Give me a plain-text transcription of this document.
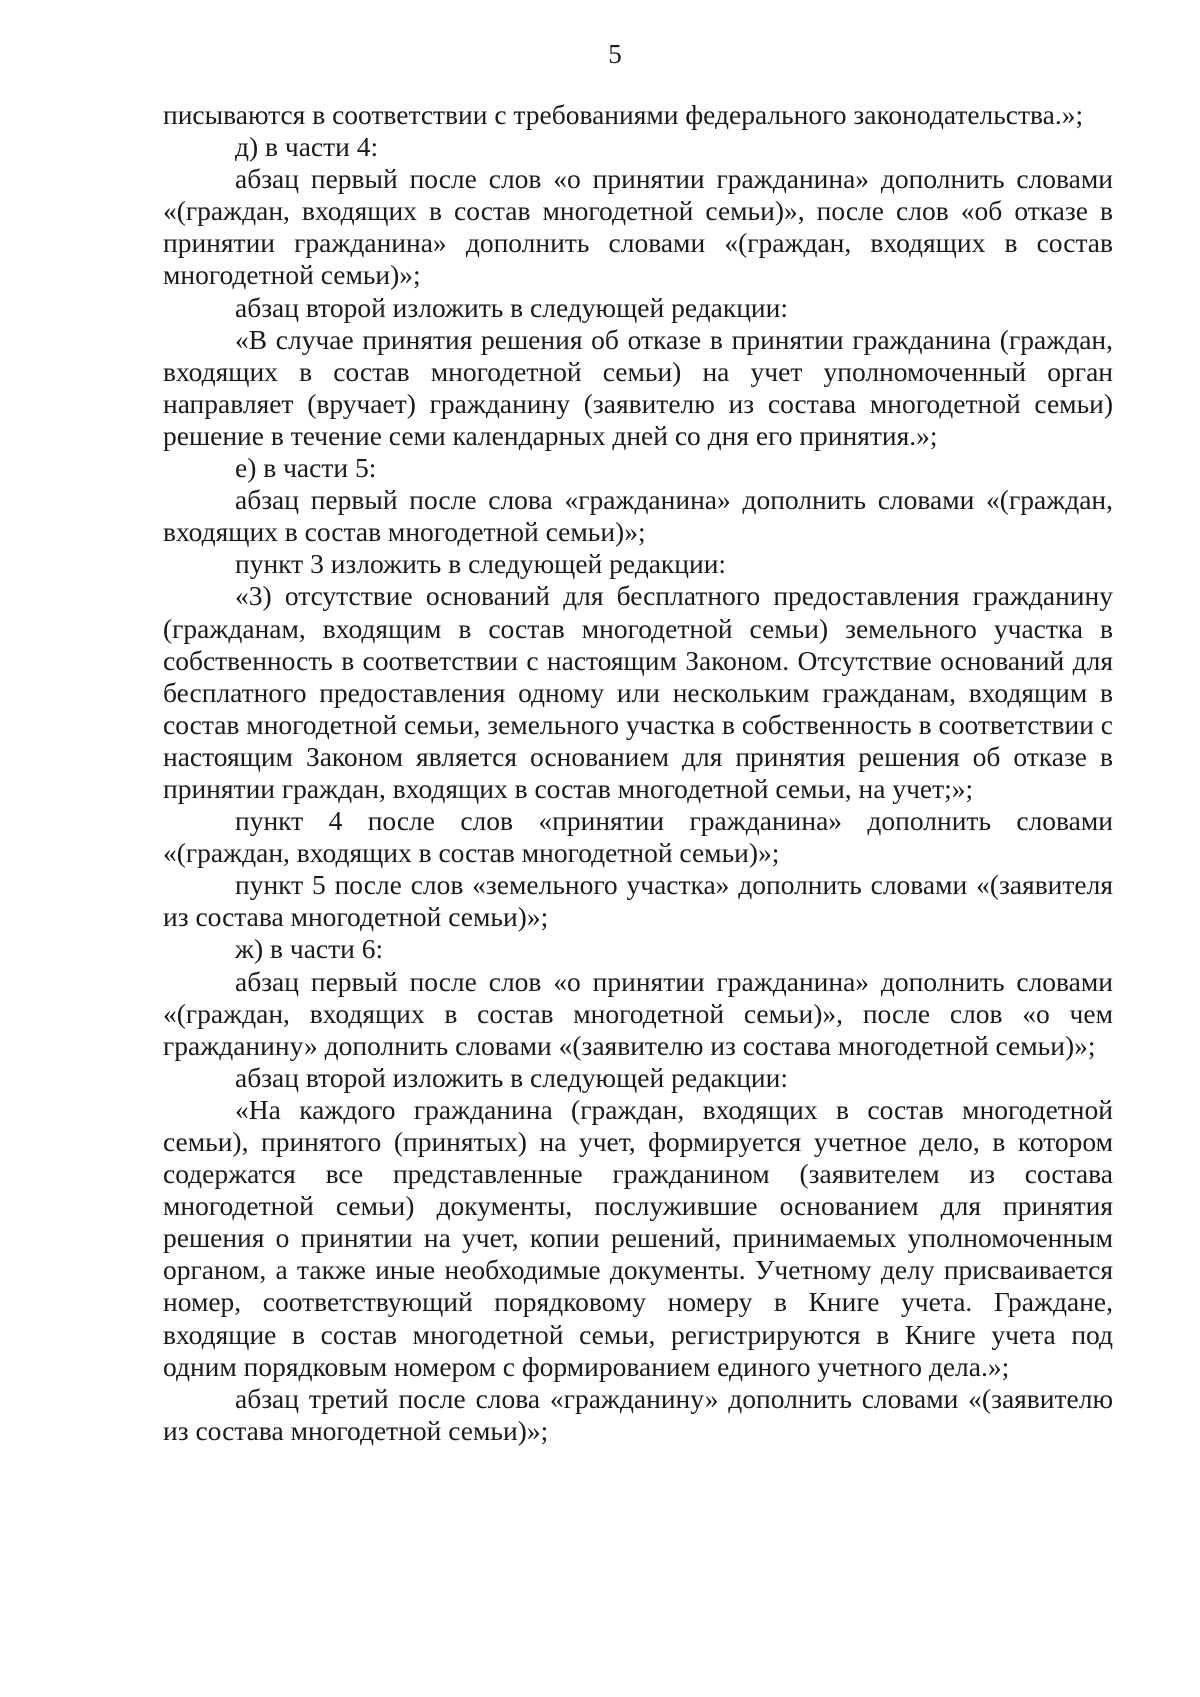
5

писываются в соответствии с требованиями федерального законодательства.»;

д) в части 4:

абзац первый после слов «о принятии гражданина» дополнить словами «(граждан, входящих в состав многодетной семьи)», после слов «об отказе в принятии гражданина» дополнить словами «(граждан, входящих в состав многодетной семьи)»;

абзац второй изложить в следующей редакции:

«В случае принятия решения об отказе в принятии гражданина (граждан, входящих в состав многодетной семьи) на учет уполномоченный орган направляет (вручает) гражданину (заявителю из состава многодетной семьи) решение в течение семи календарных дней со дня его принятия.»;

е) в части 5:

абзац первый после слова «гражданина» дополнить словами «(граждан, входящих в состав многодетной семьи)»;

пункт 3 изложить в следующей редакции:

«3) отсутствие оснований для бесплатного предоставления гражданину (гражданам, входящим в состав многодетной семьи) земельного участка в собственность в соответствии с настоящим Законом. Отсутствие оснований для бесплатного предоставления одному или нескольким гражданам, входящим в состав многодетной семьи, земельного участка в собственность в соответствии с настоящим Законом является основанием для принятия решения об отказе в принятии граждан, входящих в состав многодетной семьи, на учет;»;

пункт 4 после слов «принятии гражданина» дополнить словами «(граждан, входящих в состав многодетной семьи)»;

пункт 5 после слов «земельного участка» дополнить словами «(заявителя из состава многодетной семьи)»;

ж) в части 6:

абзац первый после слов «о принятии гражданина» дополнить словами «(граждан, входящих в состав многодетной семьи)», после слов «о чем гражданину» дополнить словами «(заявителю из состава многодетной семьи)»;

абзац второй изложить в следующей редакции:

«На каждого гражданина (граждан, входящих в состав многодетной семьи), принятого (принятых) на учет, формируется учетное дело, в котором содержатся все представленные гражданином (заявителем из состава многодетной семьи) документы, послужившие основанием для принятия решения о принятии на учет, копии решений, принимаемых уполномоченным органом, а также иные необходимые документы. Учетному делу присваивается номер, соответствующий порядковому номеру в Книге учета. Граждане, входящие в состав многодетной семьи, регистрируются в Книге учета под одним порядковым номером с формированием единого учетного дела.»;

абзац третий после слова «гражданину» дополнить словами «(заявителю из состава многодетной семьи)»;
